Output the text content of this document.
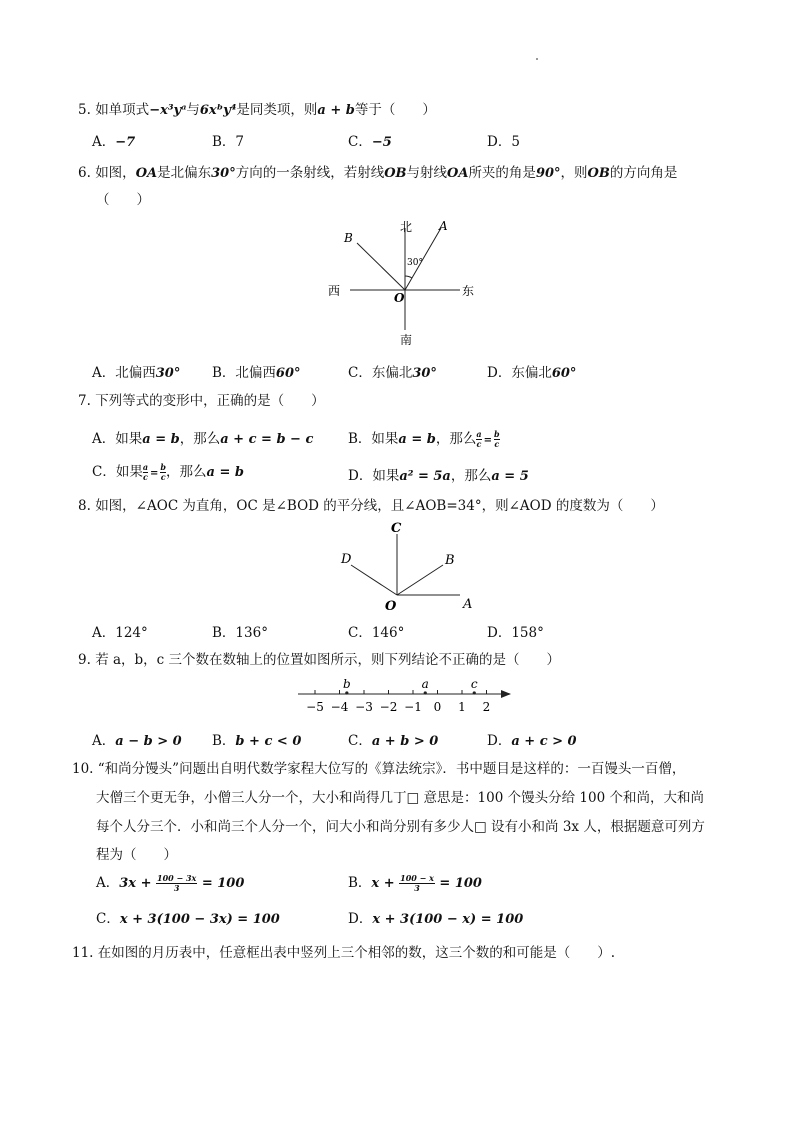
5. 如单项式−x³yᵃ与6xᵇy⁴是同类项，则a + b等于（　　）
A．−7	B．7	C．−5	D．5
6. 如图，OA是北偏东30°方向的一条射线，若射线OB与射线OA所夹的角是90°，则OB的方向角是
（　　）
北
南
西	东
A
B
O
30°
A．北偏西30° B．北偏西60°	C．东偏北30°	D．东偏北60°
7. 下列等式的变形中，正确的是（　　）
A．如果a = b，那么a + c = b − c	B．如果a = b，那么 $\frac{a}{c} = \frac{b}{c}$
C．如果 $\frac{a}{c} = \frac{b}{c}$ ，那么a = b	D．如果a² = 5a，那么a = 5
8. 如图，∠AOC 为直角，OC 是∠BOD 的平分线，且∠AOB=34°，则∠AOD 的度数为（　　）
C
D	B
O	A
A．124°	B．136°	C．146°	D．158°
9. 若 a，b，c 三个数在数轴上的位置如图所示，则下列结论不正确的是（　　）
−5 −4 −3 −2 −1 0 1 2
b	a	c
A．a − b > 0 B．b + c < 0	C．a + b > 0	D．a + c > 0
10. “和尚分馒头”问题出自明代数学家程大位写的《算法统宗》．书中题目是这样的：一百馒头一百僧，
大僧三个更无争，小僧三人分一个，大小和尚得几丁□ 意思是：100 个馒头分给 100 个和尚，大和尚
每个人分三个．小和尚三个人分一个，问大小和尚分别有多少人□ 设有小和尚 3x 人，根据题意可列方
程为（　　）
A．$3x + \frac{100 - 3x}{3} = 100$	B．$x + \frac{100 - x}{3} = 100$
C．x + 3(100 − 3x) = 100	D．x + 3(100 − x) = 100
11. 在如图的月历表中，任意框出表中竖列上三个相邻的数，这三个数的和可能是（　　）.
